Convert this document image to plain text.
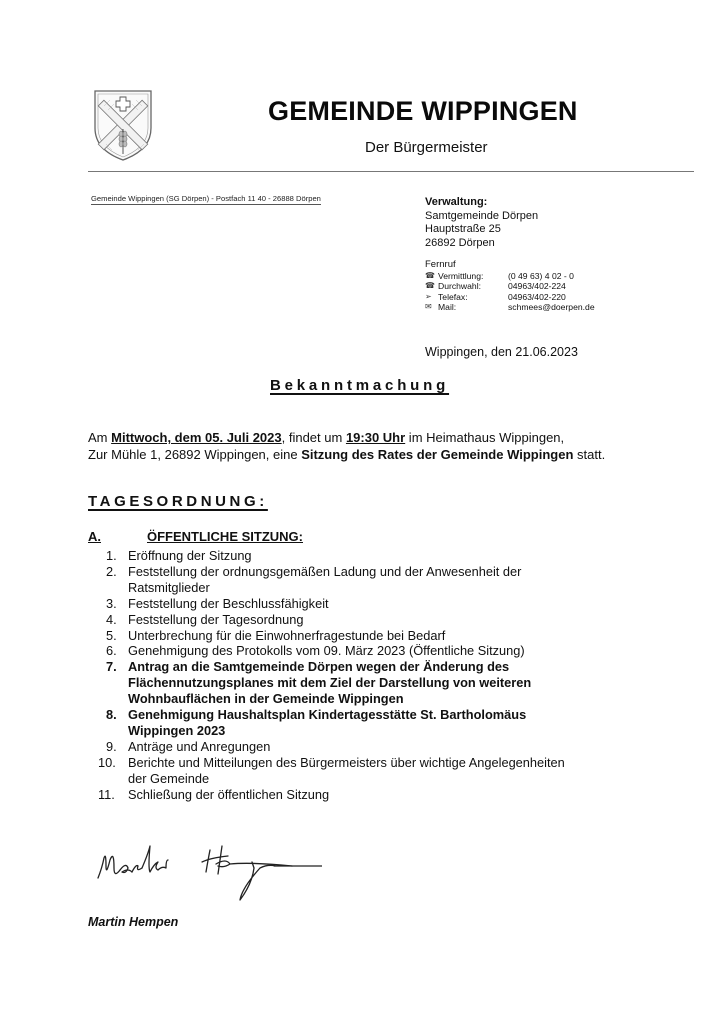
GEMEINDE WIPPINGEN
Der Bürgermeister
Gemeinde Wippingen (SG Dörpen) - Postfach 11 40 - 26888 Dörpen	Verwaltung:
Samtgemeinde Dörpen
Hauptstraße 25
26892 Dörpen
Fernruf
☎ Vermittlung:	(0 49 63) 4 02 - 0
☎ Durchwahl:	04963/402-224
➢ Telefax:	04963/402-220
✉ Mail:	schmees@doerpen.de
Wippingen, den 21.06.2023
Bekanntmachung
Am Mittwoch, dem 05. Juli 2023, findet um 19:30 Uhr im Heimathaus Wippingen,
Zur Mühle 1, 26892 Wippingen, eine Sitzung des Rates der Gemeinde Wippingen statt.
TAGESORDNUNG:
A.	ÖFFENTLICHE SITZUNG:
1. Eröffnung der Sitzung
2. Feststellung der ordnungsgemäßen Ladung und der Anwesenheit der
Ratsmitglieder
3. Feststellung der Beschlussfähigkeit
4. Feststellung der Tagesordnung
5. Unterbrechung für die Einwohnerfragestunde bei Bedarf
6. Genehmigung des Protokolls vom 09. März 2023 (Öffentliche Sitzung)
7. Antrag an die Samtgemeinde Dörpen wegen der Änderung des
Flächennutzungsplanes mit dem Ziel der Darstellung von weiteren
Wohnbauflächen in der Gemeinde Wippingen
8. Genehmigung Haushaltsplan Kindertagesstätte St. Bartholomäus
Wippingen 2023
9. Anträge und Anregungen
10. Berichte und Mitteilungen des Bürgermeisters über wichtige Angelegenheiten
der Gemeinde
11.	Schließung der öffentlichen Sitzung
Martin Hempen
